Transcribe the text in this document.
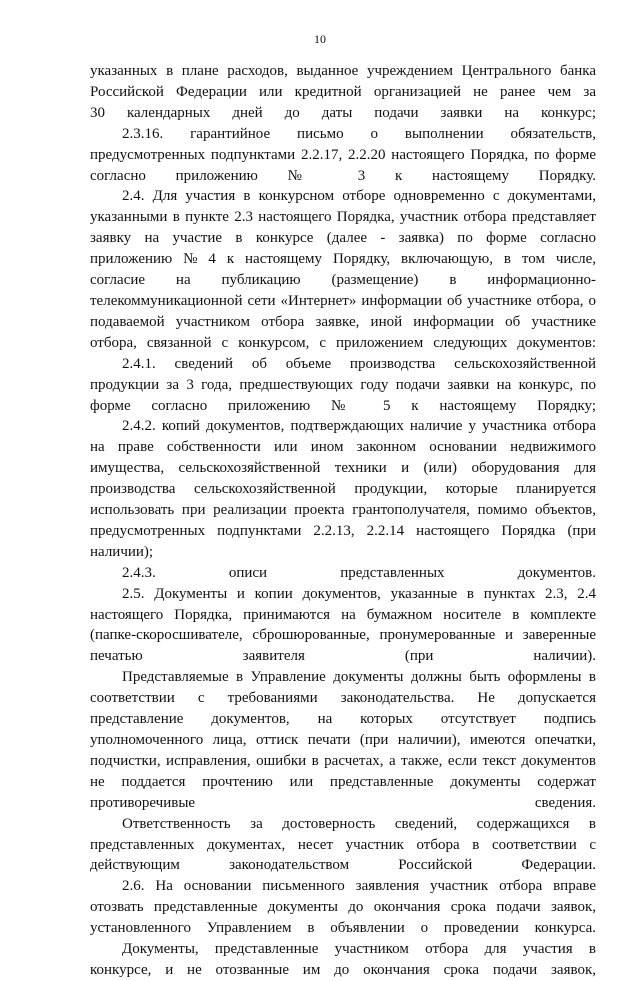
10
указанных в плане расходов, выданное учреждением Центрального банка
Российской Федерации или кредитной организацией не ранее чем за
30 календарных дней до даты подачи заявки на конкурс;
2.3.16. гарантийное письмо о выполнении обязательств,
предусмотренных подпунктами 2.2.17, 2.2.20 настоящего Порядка, по форме
согласно приложению № 3 к настоящему Порядку.
2.4. Для участия в конкурсном отборе одновременно с документами,
указанными в пункте 2.3 настоящего Порядка, участник отбора представляет
заявку на участие в конкурсе (далее - заявка) по форме согласно
приложению № 4 к настоящему Порядку, включающую, в том числе,
согласие на публикацию (размещение) в информационно-
телекоммуникационной сети «Интернет» информации об участнике отбора, о
подаваемой участником отбора заявке, иной информации об участнике
отбора, связанной с конкурсом, с приложением следующих документов:
2.4.1. сведений об объеме производства сельскохозяйственной
продукции за 3 года, предшествующих году подачи заявки на конкурс, по
форме согласно приложению № 5 к настоящему Порядку;
2.4.2. копий документов, подтверждающих наличие у участника отбора
на праве собственности или ином законном основании недвижимого
имущества, сельскохозяйственной техники и (или) оборудования для
производства сельскохозяйственной продукции, которые планируется
использовать при реализации проекта грантополучателя, помимо объектов,
предусмотренных подпунктами 2.2.13, 2.2.14 настоящего Порядка (при
наличии);
2.4.3. описи представленных документов.
2.5. Документы и копии документов, указанные в пунктах 2.3, 2.4
настоящего Порядка, принимаются на бумажном носителе в комплекте
(папке-скоросшивателе, сброшюрованные, пронумерованные и заверенные
печатью заявителя (при наличии).
Представляемые в Управление документы должны быть оформлены в
соответствии с требованиями законодательства. Не допускается
представление документов, на которых отсутствует подпись
уполномоченного лица, оттиск печати (при наличии), имеются опечатки,
подчистки, исправления, ошибки в расчетах, а также, если текст документов
не поддается прочтению или представленные документы содержат
противоречивые сведения.
Ответственность за достоверность сведений, содержащихся в
представленных документах, несет участник отбора в соответствии с
действующим законодательством Российской Федерации.
2.6. На основании письменного заявления участник отбора вправе
отозвать представленные документы до окончания срока подачи заявок,
установленного Управлением в объявлении о проведении конкурса.
Документы, представленные участником отбора для участия в
конкурсе, и не отозванные им до окончания срока подачи заявок,
